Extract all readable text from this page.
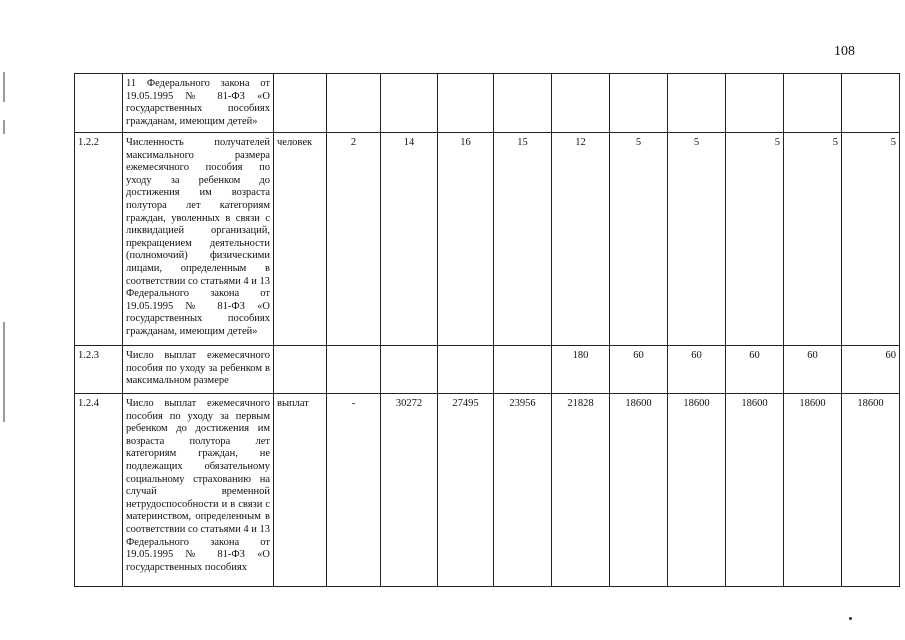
108
	11 Федерального закона от 19.05.1995 № 81-ФЗ «О государственных пособиях гражданам, имеющим детей»											
1.2.2	Численность получателей максимального размера ежемесячного пособия по уходу за ребенком до достижения им возраста полутора лет категориям граждан, уволенных в связи с ликвидацией организаций, прекращением деятельности (полномочий) физическими лицами, определенным в соответствии со статьями 4 и 13 Федерального закона от 19.05.1995 № 81-ФЗ «О государственных пособиях гражданам, имеющим детей»	человек	2	14	16	15	12	5	5	5	5	5
1.2.3	Число выплат ежемесячного пособия по уходу за ребенком в максимальном размере						180	60	60	60	60	60
1.2.4	Число выплат ежемесячного пособия по уходу за первым ребенком до достижения им возраста полутора лет категориям граждан, не подлежащих обязательному социальному страхованию на случай временной нетрудоспособности и в связи с материнством, определенным в соответствии со статьями 4 и 13 Федерального закона от 19.05.1995 № 81-ФЗ «О государственных пособиях	выплат	-	30272	27495	23956	21828	18600	18600	18600	18600	18600
